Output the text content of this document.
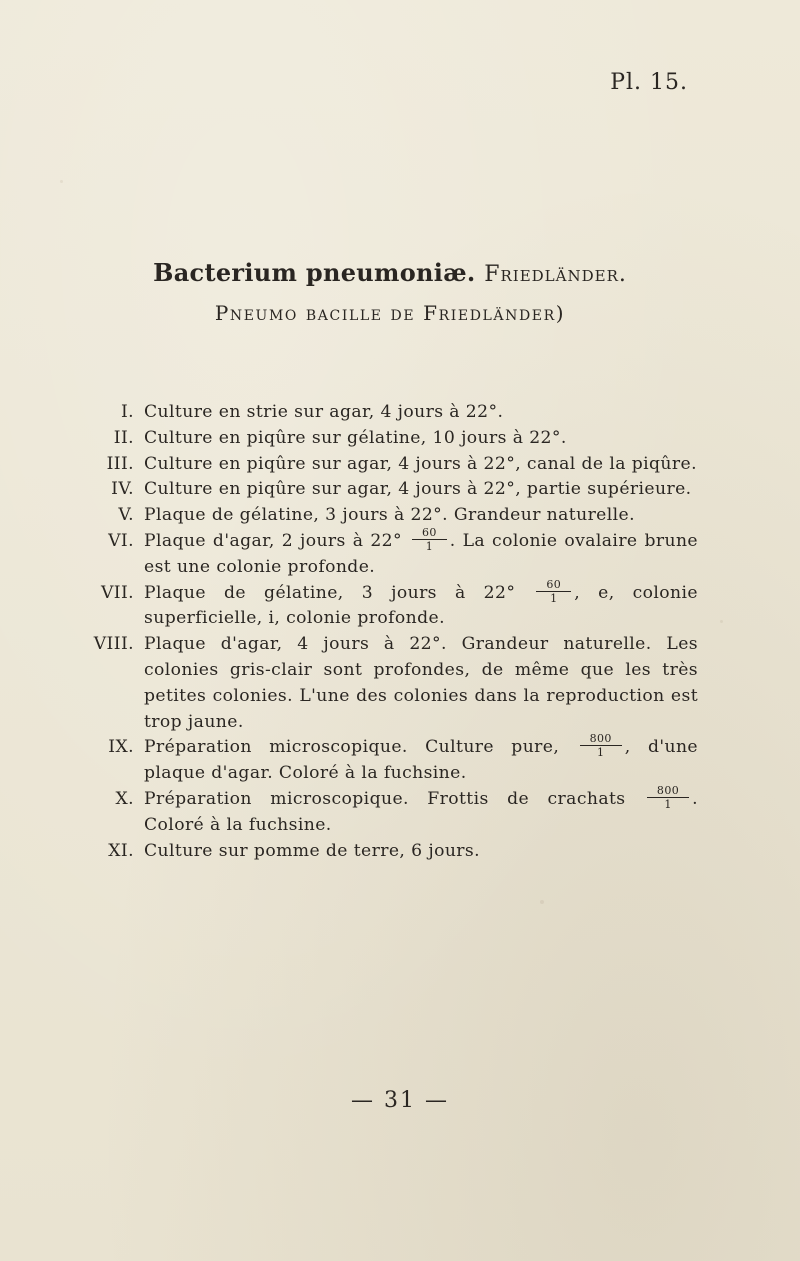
Pl. 15.
Bacterium pneumoniæ. Friedländer.
Pneumo bacille de Friedländer)
I. Culture en strie sur agar, 4 jours à 22°.
II. Culture en piqûre sur gélatine, 10 jours à 22°.
III. Culture en piqûre sur agar, 4 jours à 22°, canal de la piqûre.
IV. Culture en piqûre sur agar, 4 jours à 22°, partie supérieure.
V. Plaque de gélatine, 3 jours à 22°. Grandeur naturelle.
VI. Plaque d'agar, 2 jours à $22^\circ \frac{60}{1}$ . La colonie ovalaire brune est une colonie profonde.
VII. Plaque de gélatine, 3 jours à $22^\circ \frac{60}{1}$ , e, colonie superficielle, i, colonie profonde.
VIII. Plaque d'agar, 4 jours à 22°. Grandeur naturelle. Les colonies gris-clair sont profondes, de même que les très petites colonies. L'une des colonies dans la reproduction est trop jaune.
IX. Préparation microscopique. Culture pure, $\frac{800}{1}$ , d'une plaque d'agar. Coloré à la fuchsine.
X. Préparation microscopique. Frottis de crachats $\frac{800}{1}$ . Coloré à la fuchsine.
XI. Culture sur pomme de terre, 6 jours.
— 31 —
